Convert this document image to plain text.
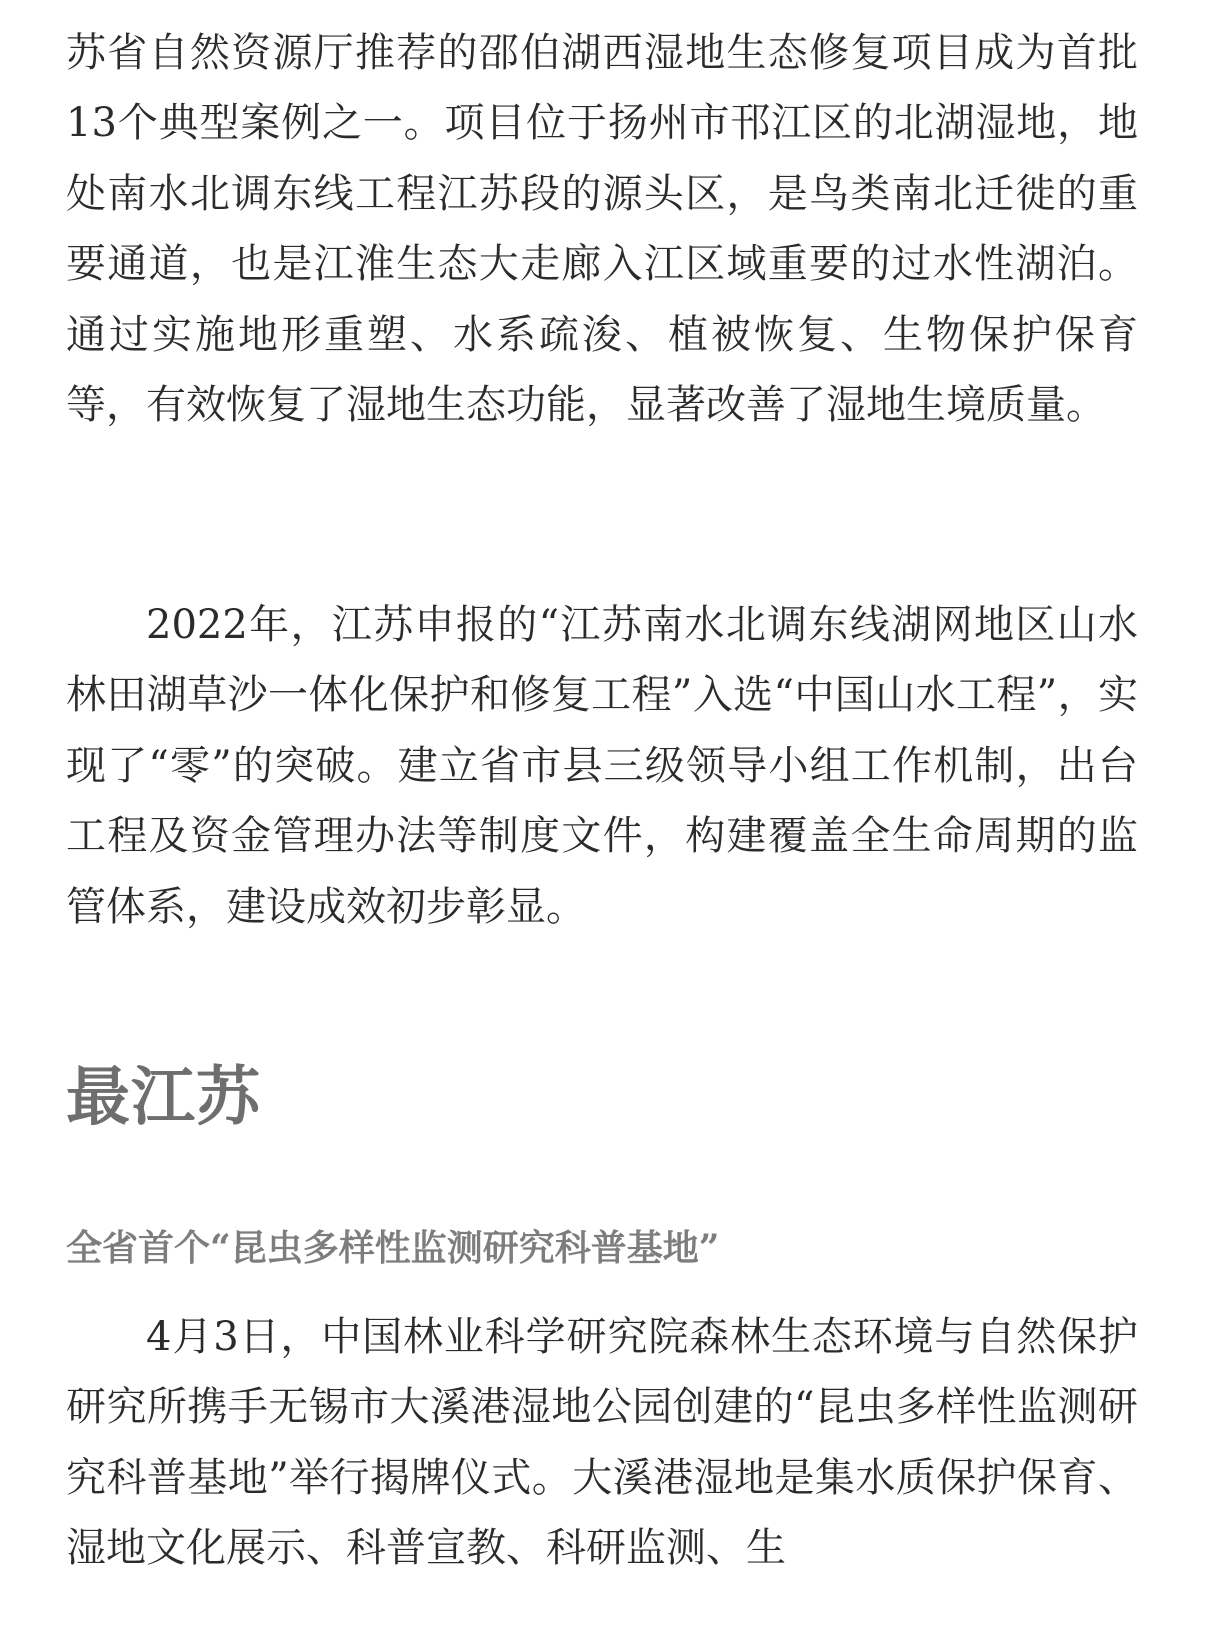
苏省自然资源厅推荐的邵伯湖西湿地生态修复项目成为首批13个典型案例之一。项目位于扬州市邗江区的北湖湿地，地处南水北调东线工程江苏段的源头区，是鸟类南北迁徙的重要通道，也是江淮生态大走廊入江区域重要的过水性湖泊。通过实施地形重塑、水系疏浚、植被恢复、生物保护保育等，有效恢复了湿地生态功能，显著改善了湿地生境质量。

2022年，江苏申报的“江苏南水北调东线湖网地区山水林田湖草沙一体化保护和修复工程”入选“中国山水工程”，实现了“零”的突破。建立省市县三级领导小组工作机制，出台工程及资金管理办法等制度文件，构建覆盖全生命周期的监管体系，建设成效初步彰显。

最江苏
全省首个“昆虫多样性监测研究科普基地”

4月3日，中国林业科学研究院森林生态环境与自然保护研究所携手无锡市大溪港湿地公园创建的“昆虫多样性监测研究科普基地”举行揭牌仪式。大溪港湿地是集水质保护保育、湿地文化展示、科普宣教、科研监测、生
